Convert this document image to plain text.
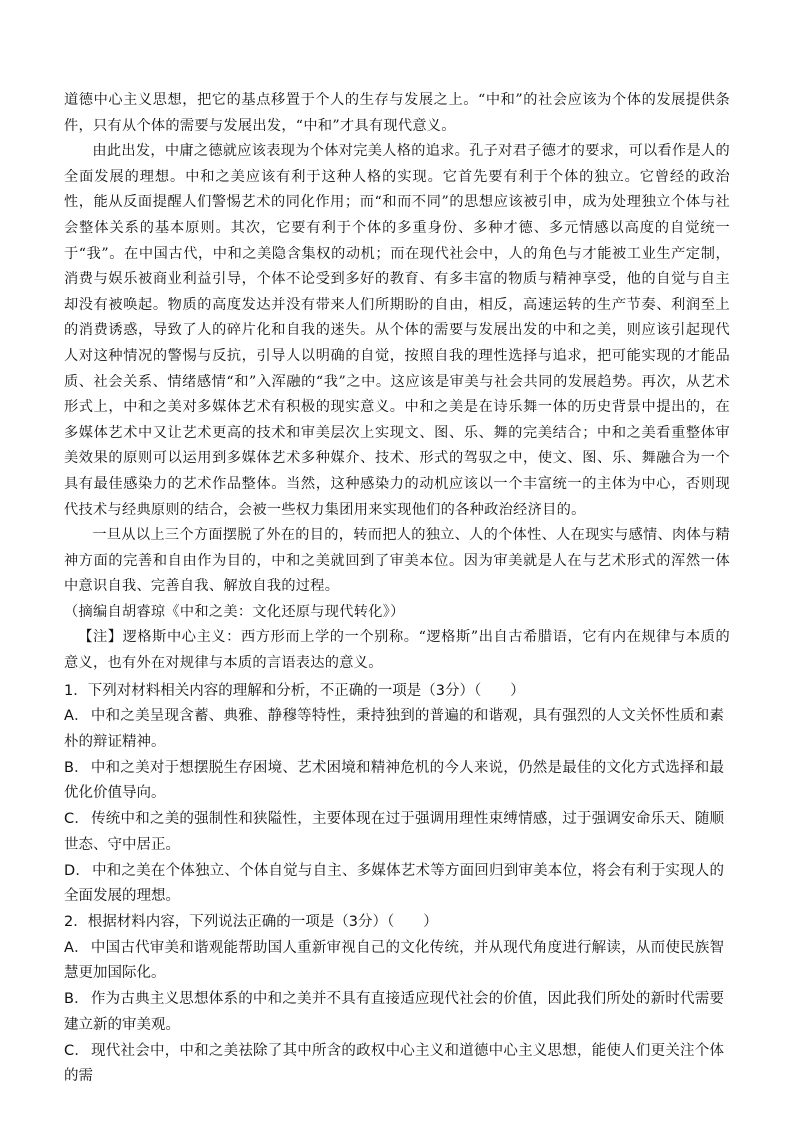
道德中心主义思想，把它的基点移置于个人的生存与发展之上。“中和”的社会应该为个体的发展提供条件，只有从个体的需要与发展出发，“中和”才具有现代意义。

由此出发，中庸之德就应该表现为个体对完美人格的追求。孔子对君子德才的要求，可以看作是人的全面发展的理想。中和之美应该有利于这种人格的实现。它首先要有利于个体的独立。它曾经的政治性，能从反面提醒人们警惕艺术的同化作用；而“和而不同”的思想应该被引申，成为处理独立个体与社会整体关系的基本原则。其次，它要有利于个体的多重身份、多种才德、多元情感以高度的自觉统一于“我”。在中国古代，中和之美隐含集权的动机；而在现代社会中，人的角色与才能被工业生产定制，消费与娱乐被商业利益引导，个体不论受到多好的教育、有多丰富的物质与精神享受，他的自觉与自主却没有被唤起。物质的高度发达并没有带来人们所期盼的自由，相反，高速运转的生产节奏、利润至上的消费诱惑，导致了人的碎片化和自我的迷失。从个体的需要与发展出发的中和之美，则应该引起现代人对这种情况的警惕与反抗，引导人以明确的自觉，按照自我的理性选择与追求，把可能实现的才能品质、社会关系、情绪感情“和”入浑融的“我”之中。这应该是审美与社会共同的发展趋势。再次，从艺术形式上，中和之美对多媒体艺术有积极的现实意义。中和之美是在诗乐舞一体的历史背景中提出的，在多媒体艺术中又让艺术更高的技术和审美层次上实现文、图、乐、舞的完美结合；中和之美看重整体审美效果的原则可以运用到多媒体艺术多种媒介、技术、形式的驾驭之中，使文、图、乐、舞融合为一个具有最佳感染力的艺术作品整体。当然，这种感染力的动机应该以一个丰富统一的主体为中心，否则现代技术与经典原则的结合，会被一些权力集团用来实现他们的各种政治经济目的。

一旦从以上三个方面摆脱了外在的目的，转而把人的独立、人的个体性、人在现实与感情、肉体与精神方面的完善和自由作为目的，中和之美就回到了审美本位。因为审美就是人在与艺术形式的浑然一体中意识自我、完善自我、解放自我的过程。

（摘编自胡睿琼《中和之美：文化还原与现代转化》）

【注】逻格斯中心主义：西方形而上学的一个别称。“逻格斯”出自古希腊语，它有内在规律与本质的意义，也有外在对规律与本质的言语表达的意义。

1．下列对材料相关内容的理解和分析，不正确的一项是（3分）（　　）

A． 中和之美呈现含蓄、典雅、静穆等特性，秉持独到的普遍的和谐观，具有强烈的人文关怀性质和素朴的辩证精神。

B． 中和之美对于想摆脱生存困境、艺术困境和精神危机的今人来说，仍然是最佳的文化方式选择和最优化价值导向。

C． 传统中和之美的强制性和狭隘性，主要体现在过于强调用理性束缚情感，过于强调安命乐天、随顺世态、守中居正。

D． 中和之美在个体独立、个体自觉与自主、多媒体艺术等方面回归到审美本位，将会有利于实现人的全面发展的理想。

2．根据材料内容，下列说法正确的一项是（3分）（　　）

A． 中国古代审美和谐观能帮助国人重新审视自己的文化传统，并从现代角度进行解读，从而使民族智慧更加国际化。

B． 作为古典主义思想体系的中和之美并不具有直接适应现代社会的价值，因此我们所处的新时代需要建立新的审美观。

C． 现代社会中，中和之美祛除了其中所含的政权中心主义和道德中心主义思想，能使人们更关注个体的需
